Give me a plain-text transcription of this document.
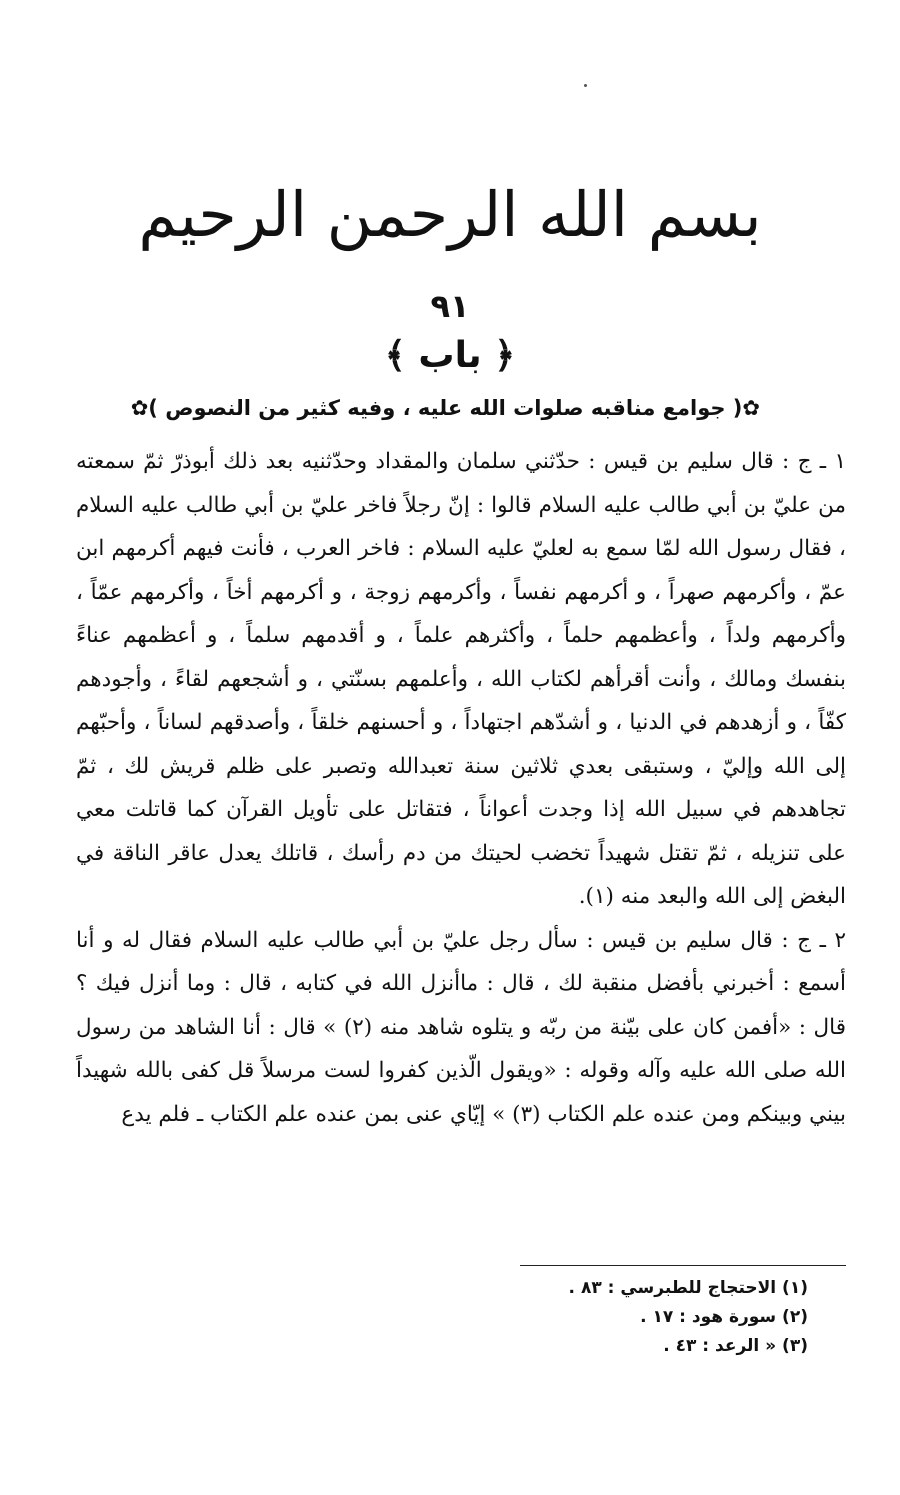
بسم الله الرحمن الرحيم
٩١
﴿ باب ﴾
✿( جوامع مناقبه صلوات الله عليه ، وفيه كثير من النصوص )✿

١ ـ ج : قال سليم بن قيس : حدّثني سلمان والمقداد وحدّثنيه بعد ذلك أبوذرّ ثمّ سمعته من عليّ بن أبي طالب عليه السلام قالوا : إنّ رجلاً فاخر عليّ بن أبي طالب عليه السلام ، فقال رسول الله لمّا سمع به لعليّ عليه السلام : فاخر العرب ، فأنت فيهم أكرمهم ابن عمّ ، وأكرمهم صهراً ، و أكرمهم نفساً ، وأكرمهم زوجة ، و أكرمهم أخاً ، وأكرمهم عمّاً ، وأكرمهم ولداً ، وأعظمهم حلماً ، وأكثرهم علماً ، و أقدمهم سلماً ، و أعظمهم عناءً بنفسك ومالك ، وأنت أقرأهم لكتاب الله ، وأعلمهم بسنّتي ، و أشجعهم لقاءً ، وأجودهم كفّاً ، و أزهدهم في الدنيا ، و أشدّهم اجتهاداً ، و أحسنهم خلقاً ، وأصدقهم لساناً ، وأحبّهم إلى الله وإليّ ، وستبقى بعدي ثلاثين سنة تعبدالله وتصبر على ظلم قريش لك ، ثمّ تجاهدهم في سبيل الله إذا وجدت أعواناً ، فتقاتل على تأويل القرآن كما قاتلت معي على تنزيله ، ثمّ تقتل شهيداً تخضب لحيتك من دم رأسك ، قاتلك يعدل عاقر الناقة في البغض إلى الله والبعد منه (١).

٢ ـ ج : قال سليم بن قيس : سأل رجل عليّ بن أبي طالب عليه السلام فقال له و أنا أسمع : أخبرني بأفضل منقبة لك ، قال : ماأنزل الله في كتابه ، قال : وما أنزل فيك ؟ قال : «أفمن كان على بيّنة من ربّه و يتلوه شاهد منه (٢) » قال : أنا الشاهد من رسول الله صلى الله عليه وآله وقوله : «ويقول الّذين كفروا لست مرسلاً قل كفى بالله شهيداً بيني وبينكم ومن عنده علم الكتاب (٣) » إيّاي عنى بمن عنده علم الكتاب ـ فلم يدع

(١) الاحتجاج للطبرسي : ٨٣ .

(٢) سورة هود : ١٧ .

(٣) « الرعد : ٤٣ .
